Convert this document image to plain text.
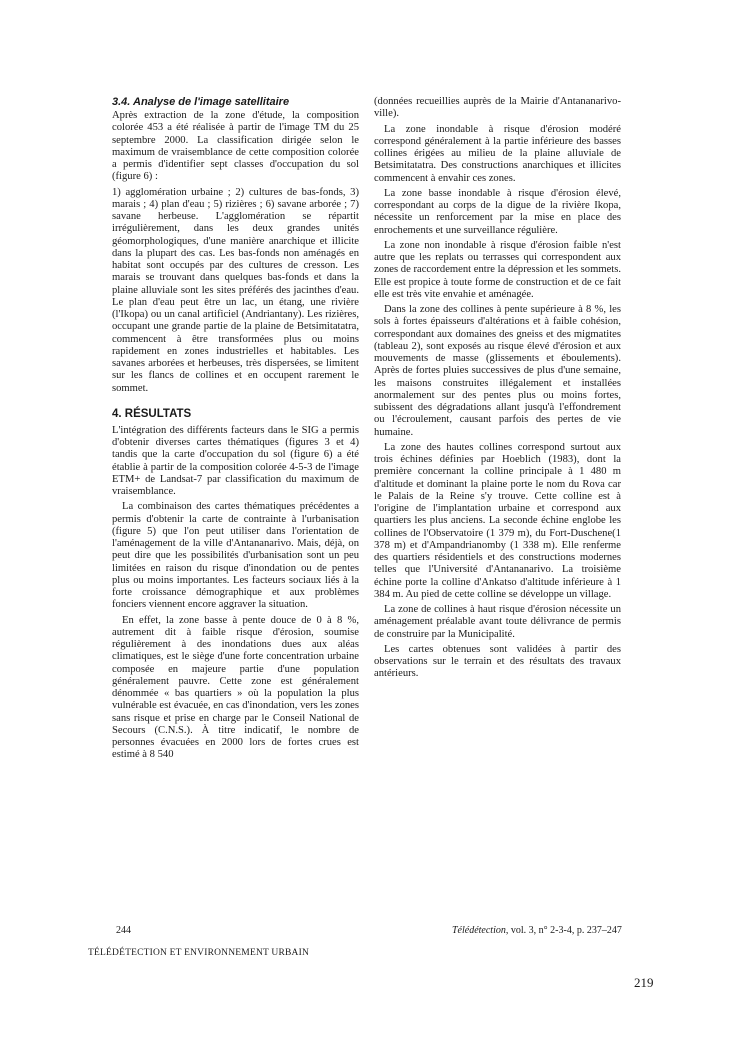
3.4. Analyse de l'image satellitaire

Après extraction de la zone d'étude, la composition colorée 453 a été réalisée à partir de l'image TM du 25 septembre 2000. La classification dirigée selon le maximum de vraisemblance de cette composition colorée a permis d'identifier sept classes d'occupation du sol (figure 6) :

1) agglomération urbaine ; 2) cultures de bas-fonds, 3) marais ; 4) plan d'eau ; 5) rizières ; 6) savane arborée ; 7) savane herbeuse. L'agglomération se répartit irrégulièrement, dans les deux grandes unités géomorphologiques, d'une manière anarchique et illicite dans la plupart des cas. Les bas-fonds non aménagés en habitat sont occupés par des cultures de cresson. Les marais se trouvant dans quelques bas-fonds et dans la plaine alluviale sont les sites préférés des jacinthes d'eau. Le plan d'eau peut être un lac, un étang, une rivière (l'Ikopa) ou un canal artificiel (Andriantany). Les rizières, occupant une grande partie de la plaine de Betsimitatatra, commencent à être transformées plus ou moins rapidement en zones industrielles et habitables. Les savanes arborées et herbeuses, très dispersées, se limitent sur les flancs de collines et en occupent rarement le sommet.

4. RÉSULTATS

L'intégration des différents facteurs dans le SIG a permis d'obtenir diverses cartes thématiques (figures 3 et 4) tandis que la carte d'occupation du sol (figure 6) a été établie à partir de la composition colorée 4-5-3 de l'image ETM+ de Landsat-7 par classification du maximum de vraisemblance.

La combinaison des cartes thématiques précédentes a permis d'obtenir la carte de contrainte à l'urbanisation (figure 5) que l'on peut utiliser dans l'orientation de l'aménagement de la ville d'Antananarivo. Mais, déjà, on peut dire que les possibilités d'urbanisation sont un peu limitées en raison du risque d'inondation ou de pentes plus ou moins importantes. Les facteurs sociaux liés à la forte croissance démographique et aux problèmes fonciers viennent encore aggraver la situation.

En effet, la zone basse à pente douce de 0 à 8 %, autrement dit à faible risque d'érosion, soumise régulièrement à des inondations dues aux aléas climatiques, est le siège d'une forte concentration urbaine composée en majeure partie d'une population généralement pauvre. Cette zone est généralement dénommée « bas quartiers » où la population la plus vulnérable est évacuée, en cas d'inondation, vers les zones sans risque et prise en charge par le Conseil National de Secours (C.N.S.). À titre indicatif, le nombre de personnes évacuées en 2000 lors de fortes crues est estimé à 8 540

(données recueillies auprès de la Mairie d'Antananarivo-ville).

La zone inondable à risque d'érosion modéré correspond généralement à la partie inférieure des basses collines érigées au milieu de la plaine alluviale de Betsimitatatra. Des constructions anarchiques et illicites commencent à envahir ces zones.

La zone basse inondable à risque d'érosion élevé, correspondant au corps de la digue de la rivière Ikopa, nécessite un renforcement par la mise en place des enrochements et une surveillance régulière.

La zone non inondable à risque d'érosion faible n'est autre que les replats ou terrasses qui correspondent aux zones de raccordement entre la dépression et les sommets. Elle est propice à toute forme de construction et de ce fait elle est très vite envahie et aménagée.

Dans la zone des collines à pente supérieure à 8 %, les sols à fortes épaisseurs d'altérations et à faible cohésion, correspondant aux domaines des gneiss et des migmatites (tableau 2), sont exposés au risque élevé d'érosion et aux mouvements de masse (glissements et éboulements). Après de fortes pluies successives de plus d'une semaine, les maisons construites illégalement et installées anormalement sur des pentes plus ou moins fortes, subissent des dégradations allant jusqu'à l'effondrement ou l'écroulement, causant parfois des pertes de vie humaine.

La zone des hautes collines correspond surtout aux trois échines définies par Hoeblich (1983), dont la première concernant la colline principale à 1 480 m d'altitude et dominant la plaine porte le nom du Rova car le Palais de la Reine s'y trouve. Cette colline est à l'origine de l'implantation urbaine et correspond aux quartiers les plus anciens. La seconde échine englobe les collines de l'Observatoire (1 379 m), du Fort-Duschene(1 378 m) et d'Ampandrianomby (1 338 m). Elle renferme des quartiers résidentiels et des constructions modernes telles que l'Université d'Antananarivo. La troisième échine porte la colline d'Ankatso d'altitude inférieure à 1 384 m. Au pied de cette colline se développe un village.

La zone de collines à haut risque d'érosion nécessite un aménagement préalable avant toute délivrance de permis de construire par la Municipalité.

Les cartes obtenues sont validées à partir des observations sur le terrain et des résultats des travaux antérieurs.

244	Télédétection, vol. 3, n° 2-3-4, p. 237–247
TÉLÉDÉTECTION ET ENVIRONNEMENT URBAIN
219
